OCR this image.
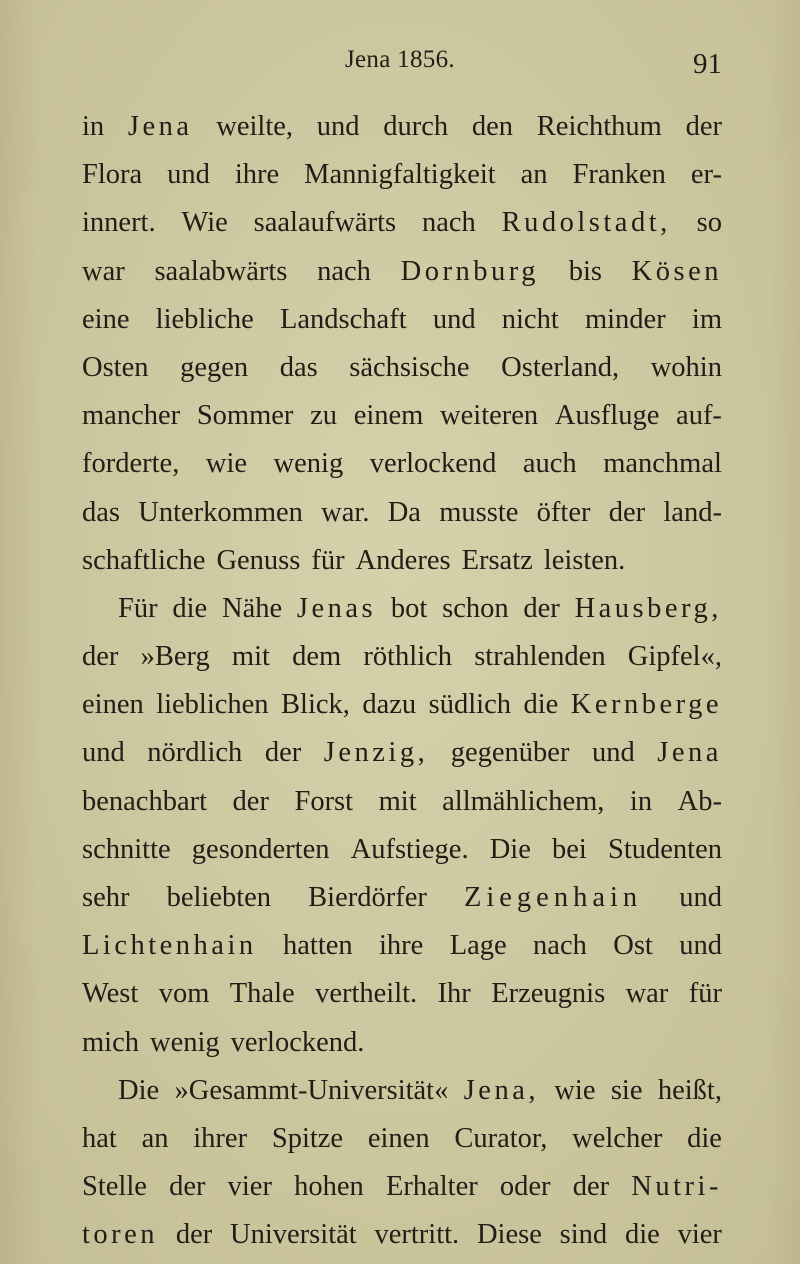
Jena 1856.	91
in Jena weilte, und durch den Reichthum der
Flora und ihre Mannigfaltigkeit an Franken er-
innert. Wie saalaufwärts nach Rudolstadt, so
war saalabwärts nach Dornburg bis Kösen
eine liebliche Landschaft und nicht minder im
Osten gegen das sächsische Osterland, wohin
mancher Sommer zu einem weiteren Ausfluge auf-
forderte, wie wenig verlockend auch manchmal
das Unterkommen war. Da musste öfter der land-
schaftliche Genuss für Anderes Ersatz leisten.
Für die Nähe Jenas bot schon der Hausberg,
der »Berg mit dem röthlich strahlenden Gipfel«,
einen lieblichen Blick, dazu südlich die Kernberge
und nördlich der Jenzig, gegenüber und Jena
benachbart der Forst mit allmählichem, in Ab-
schnitte gesonderten Aufstiege. Die bei Studenten
sehr beliebten Bierdörfer Ziegenhain und
Lichtenhain hatten ihre Lage nach Ost und
West vom Thale vertheilt. Ihr Erzeugnis war für
mich wenig verlockend.
Die »Gesammt-Universität« Jena, wie sie heißt,
hat an ihrer Spitze einen Curator, welcher die
Stelle der vier hohen Erhalter oder der Nutri-
toren der Universität vertritt. Diese sind die vier
